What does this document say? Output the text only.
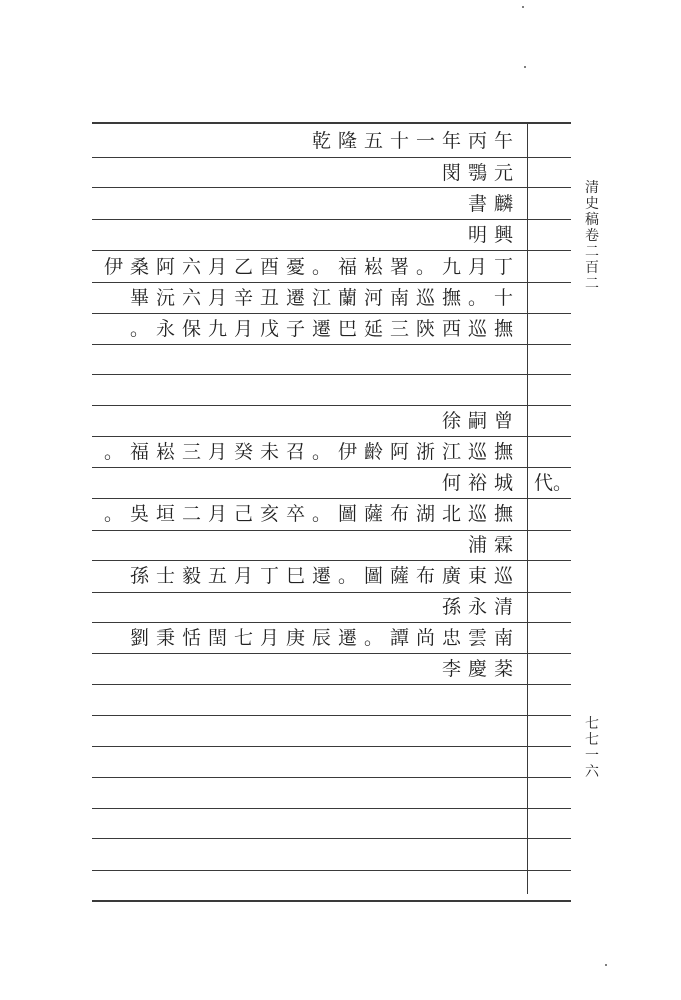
乾隆五十一年丙午
閔鶚元
書麟
明興
伊桑阿六月乙酉憂。福崧署。九月丁
畢沅六月辛丑遷江蘭河南巡撫。十
永保九月戊子遷巴延三陝西巡撫。
徐嗣曾
福崧三月癸未召。伊齡阿浙江巡撫。
何裕城
吳垣二月己亥卒。圖薩布湖北巡撫。
浦霖
孫士毅五月丁巳遷。圖薩布廣東巡
孫永清
劉秉恬閏七月庚辰遷。譚尚忠雲南
李慶棻
代。
清史稿卷二百二
七七一六
